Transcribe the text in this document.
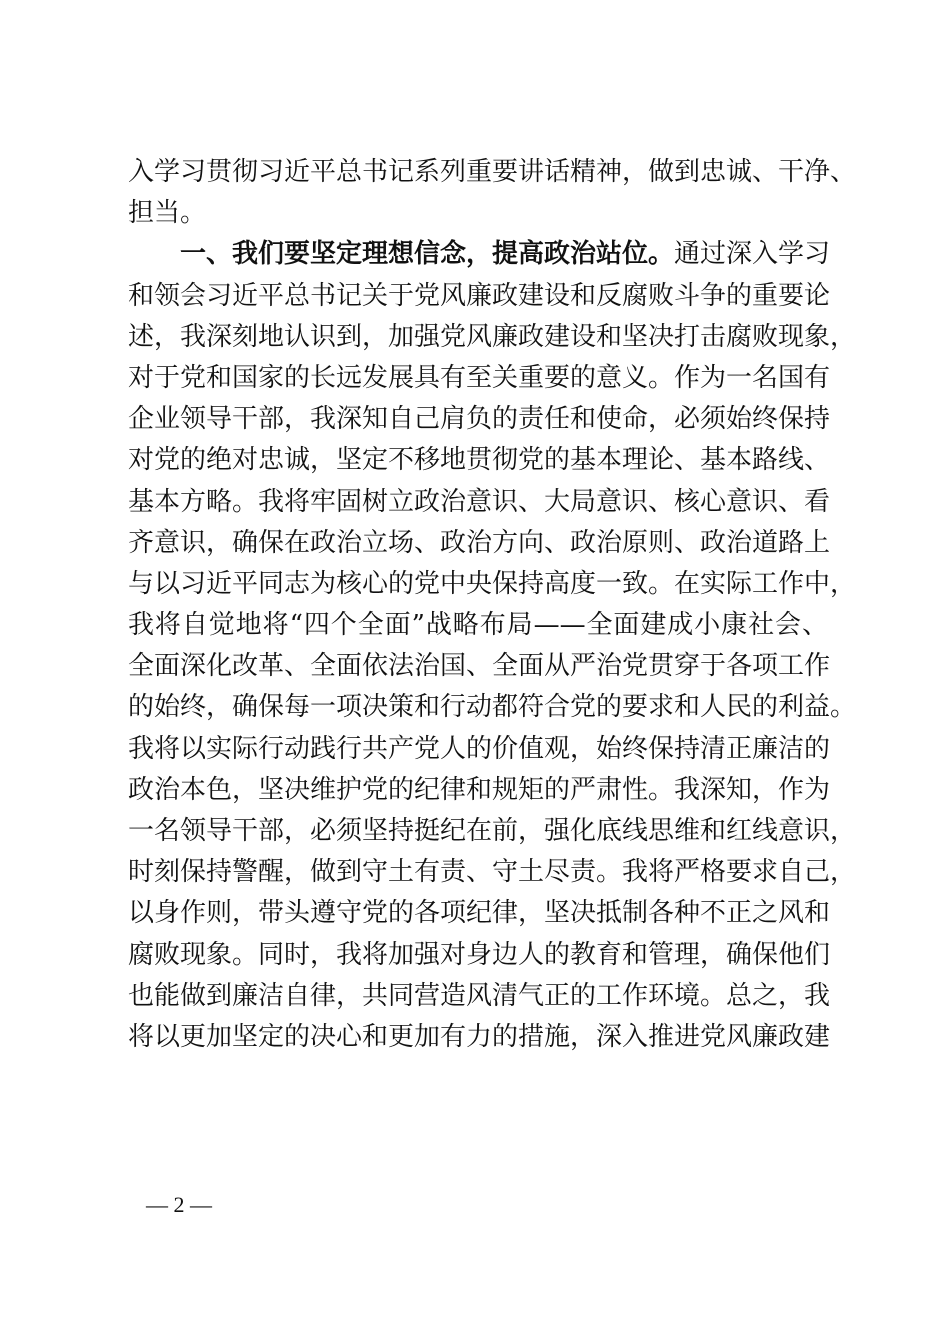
入学习贯彻习近平总书记系列重要讲话精神，做到忠诚、干净、
担当。
一、我们要坚定理想信念，提高政治站位。通过深入学习
和领会习近平总书记关于党风廉政建设和反腐败斗争的重要论
述，我深刻地认识到，加强党风廉政建设和坚决打击腐败现象，
对于党和国家的长远发展具有至关重要的意义。作为一名国有
企业领导干部，我深知自己肩负的责任和使命，必须始终保持
对党的绝对忠诚，坚定不移地贯彻党的基本理论、基本路线、
基本方略。我将牢固树立政治意识、大局意识、核心意识、看
齐意识，确保在政治立场、政治方向、政治原则、政治道路上
与以习近平同志为核心的党中央保持高度一致。在实际工作中，
我将自觉地将“四个全面”战略布局——全面建成小康社会、
全面深化改革、全面依法治国、全面从严治党贯穿于各项工作
的始终，确保每一项决策和行动都符合党的要求和人民的利益。
我将以实际行动践行共产党人的价值观，始终保持清正廉洁的
政治本色，坚决维护党的纪律和规矩的严肃性。我深知，作为
一名领导干部，必须坚持挺纪在前，强化底线思维和红线意识，
时刻保持警醒，做到守土有责、守土尽责。我将严格要求自己，
以身作则，带头遵守党的各项纪律，坚决抵制各种不正之风和
腐败现象。同时，我将加强对身边人的教育和管理，确保他们
也能做到廉洁自律，共同营造风清气正的工作环境。总之，我
将以更加坚定的决心和更加有力的措施，深入推进党风廉政建
— 2 —
